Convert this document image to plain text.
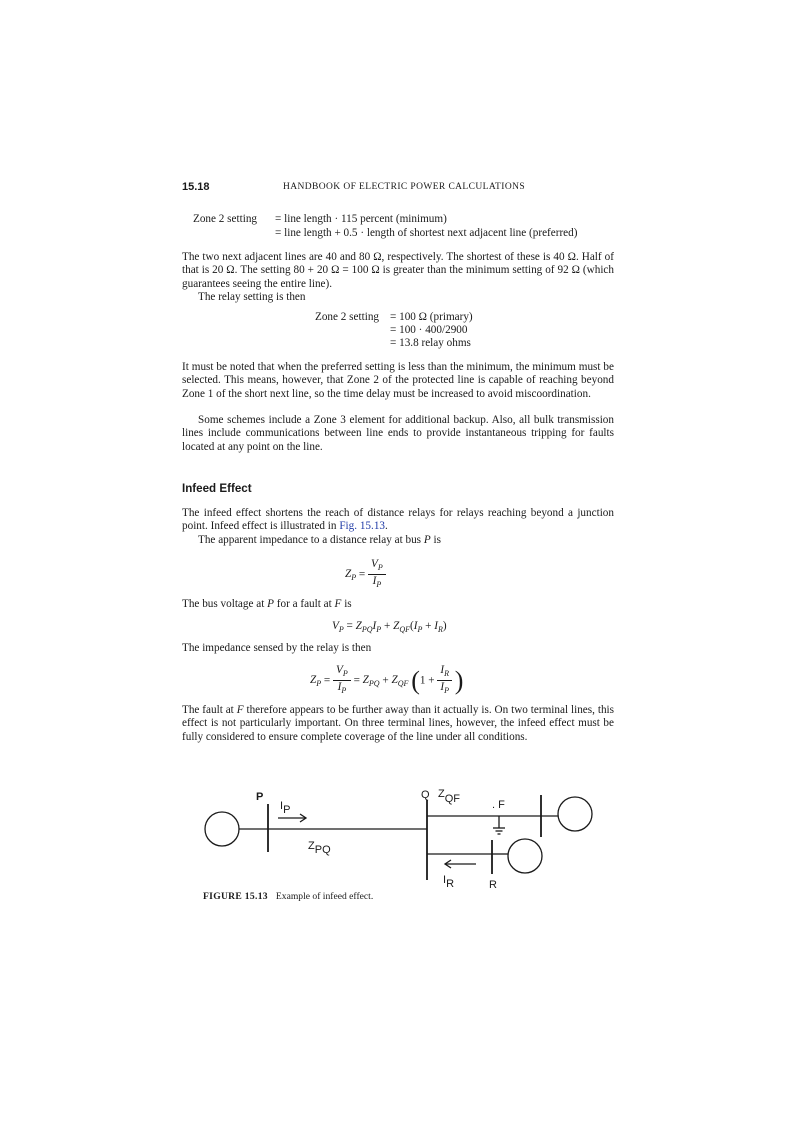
15.18	HANDBOOK OF ELECTRIC POWER CALCULATIONS
Zone 2 setting = line length · 115 percent (minimum)
= line length + 0.5 · length of shortest next adjacent line (preferred)

The two next adjacent lines are 40 and 80 Ω, respectively. The shortest of these is 40 Ω. Half of that is 20 Ω. The setting 80 + 20 Ω = 100 Ω is greater than the minimum setting of 92 Ω (which guarantees seeing the entire line).

The relay setting is then

Zone 2 setting = 100 Ω (primary)
= 100 · 400/2900
= 13.8 relay ohms

It must be noted that when the preferred setting is less than the minimum, the minimum must be selected. This means, however, that Zone 2 of the protected line is capable of reaching beyond Zone 1 of the short next line, so the time delay must be increased to avoid miscoordination.

Some schemes include a Zone 3 element for additional backup. Also, all bulk transmission lines include communications between line ends to provide instantaneous tripping for faults located at any point on the line.

Infeed Effect

The infeed effect shortens the reach of distance relays for relays reaching beyond a junction point. Infeed effect is illustrated in Fig. 15.13.

The apparent impedance to a distance relay at bus P is

$Z_P = \frac{V_P}{I_P}$

The bus voltage at P for a fault at F is

$V_P = Z_{PQ}I_P + Z_{QF}(I_P + I_R)$

The impedance sensed by the relay is then

$Z_P = \frac{V_P}{I_P} = Z_{PQ} + Z_{QF}$ ($1 + \frac{I_R}{I_P}$ )

The fault at F therefore appears to be further away than it actually is. On two terminal lines, this effect is not particularly important. On three terminal lines, however, the infeed effect must be fully considered to ensure complete coverage of the line under all conditions.

P
IP
ZPQ
Q ZQF	. F
IR	R
FIGURE 15.13 Example of infeed effect.
